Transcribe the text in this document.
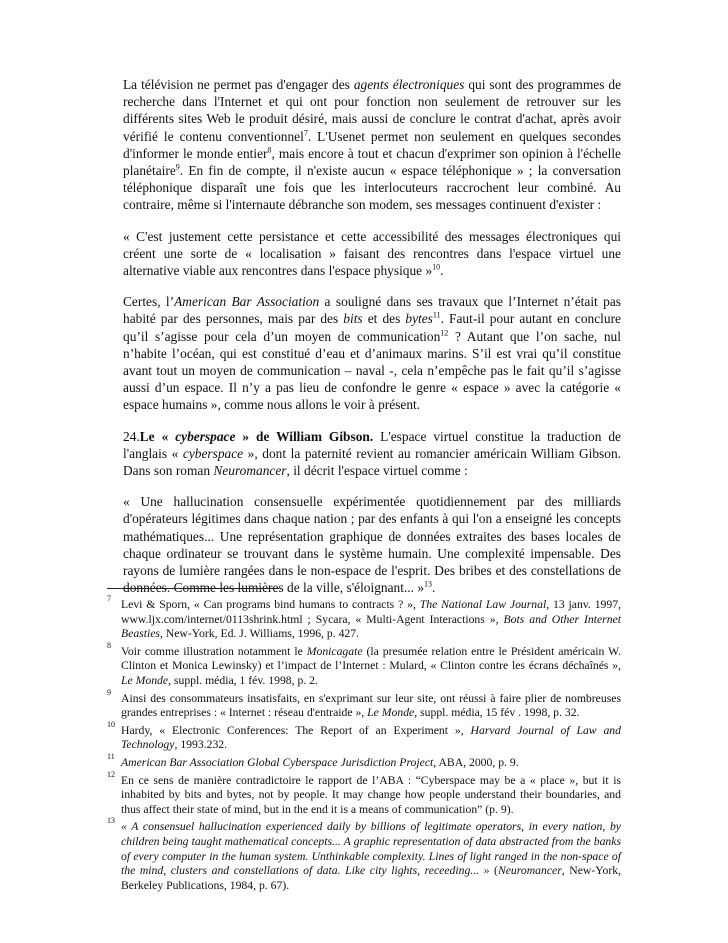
La télévision ne permet pas d'engager des agents électroniques qui sont des programmes de recherche dans l'Internet et qui ont pour fonction non seulement de retrouver sur les différents sites Web le produit désiré, mais aussi de conclure le contrat d'achat, après avoir vérifié le contenu conventionnel$^7$. L'Usenet permet non seulement en quelques secondes d'informer le monde entier$^8$, mais encore à tout et chacun d'exprimer son opinion à l'échelle planétaire$^9$. En fin de compte, il n'existe aucun « espace téléphonique » ; la conversation téléphonique disparaît une fois que les interlocuteurs raccrochent leur combiné. Au contraire, même si l'internaute débranche son modem, ses messages continuent d'exister :

« C'est justement cette persistance et cette accessibilité des messages électroniques qui créent une sorte de « localisation » faisant des rencontres dans l'espace virtuel une alternative viable aux rencontres dans l'espace physique »$^{10}$.

Certes, l’American Bar Association a souligné dans ses travaux que l’Internet n’était pas habité par des personnes, mais par des bits et des bytes$^{11}$. Faut-il pour autant en conclure qu’il s’agisse pour cela d’un moyen de communication$^{12}$ ? Autant que l’on sache, nul n’habite l’océan, qui est constitué d’eau et d’animaux marins. S’il est vrai qu’il constitue avant tout un moyen de communication – naval -, cela n’empêche pas le fait qu’il s’agisse aussi d’un espace. Il n’y a pas lieu de confondre le genre « espace » avec la catégorie « espace humains », comme nous allons le voir à présent.

24.Le « cyberspace » de William Gibson. L'espace virtuel constitue la traduction de l'anglais « cyberspace », dont la paternité revient au romancier américain William Gibson. Dans son roman Neuromancer, il décrit l'espace virtuel comme :

« Une hallucination consensuelle expérimentée quotidiennement par des milliards d'opérateurs légitimes dans chaque nation ; par des enfants à qui l'on a enseigné les concepts mathématiques... Une représentation graphique de données extraites des bases locales de chaque ordinateur se trouvant dans le système humain. Une complexité impensable. Des rayons de lumière rangées dans le non-espace de l'esprit. Des bribes et des constellations de données. Comme les lumières de la ville, s'éloignant... »$^{13}$.

7 Levi & Sporn, « Can programs bind humans to contracts ? », The National Law Journal, 13 janv. 1997, www.ljx.com/internet/0113shrink.html ; Sycara, « Multi-Agent Interactions », Bots and Other Internet Beasties, New-York, Ed. J. Williams, 1996, p. 427.
8 Voir comme illustration notamment le Monicagate (la presumée relation entre le Président américain W. Clinton et Monica Lewinsky) et l’impact de l’Internet : Mulard, « Clinton contre les écrans déchaînés », Le Monde, suppl. média, 1 fév. 1998, p. 2.
9 Ainsi des consommateurs insatisfaits, en s'exprimant sur leur site, ont réussi à faire plier de nombreuses grandes entreprises : « Internet : réseau d'entraide », Le Monde, suppl. média, 15 fév . 1998, p. 32.
10 Hardy, « Electronic Conferences: The Report of an Experiment », Harvard Journal of Law and Technology, 1993.232.
11 American Bar Association Global Cyberspace Jurisdiction Project, ABA, 2000, p. 9.
12 En ce sens de manière contradictoire le rapport de l’ABA : “Cyberspace may be a « place », but it is inhabited by bits and bytes, not by people. It may change how people understand their boundaries, and thus affect their state of mind, but in the end it is a means of communication” (p. 9).
13 « A consensuel hallucination experienced daily by billions of legitimate operators, in every nation, by children being taught mathematical concepts... A graphic representation of data abstracted from the banks of every computer in the human system. Unthinkable complexity. Lines of light ranged in the non-space of the mind, clusters and constellations of data. Like city lights, receeding... » (Neuromancer, New-York, Berkeley Publications, 1984, p. 67).
